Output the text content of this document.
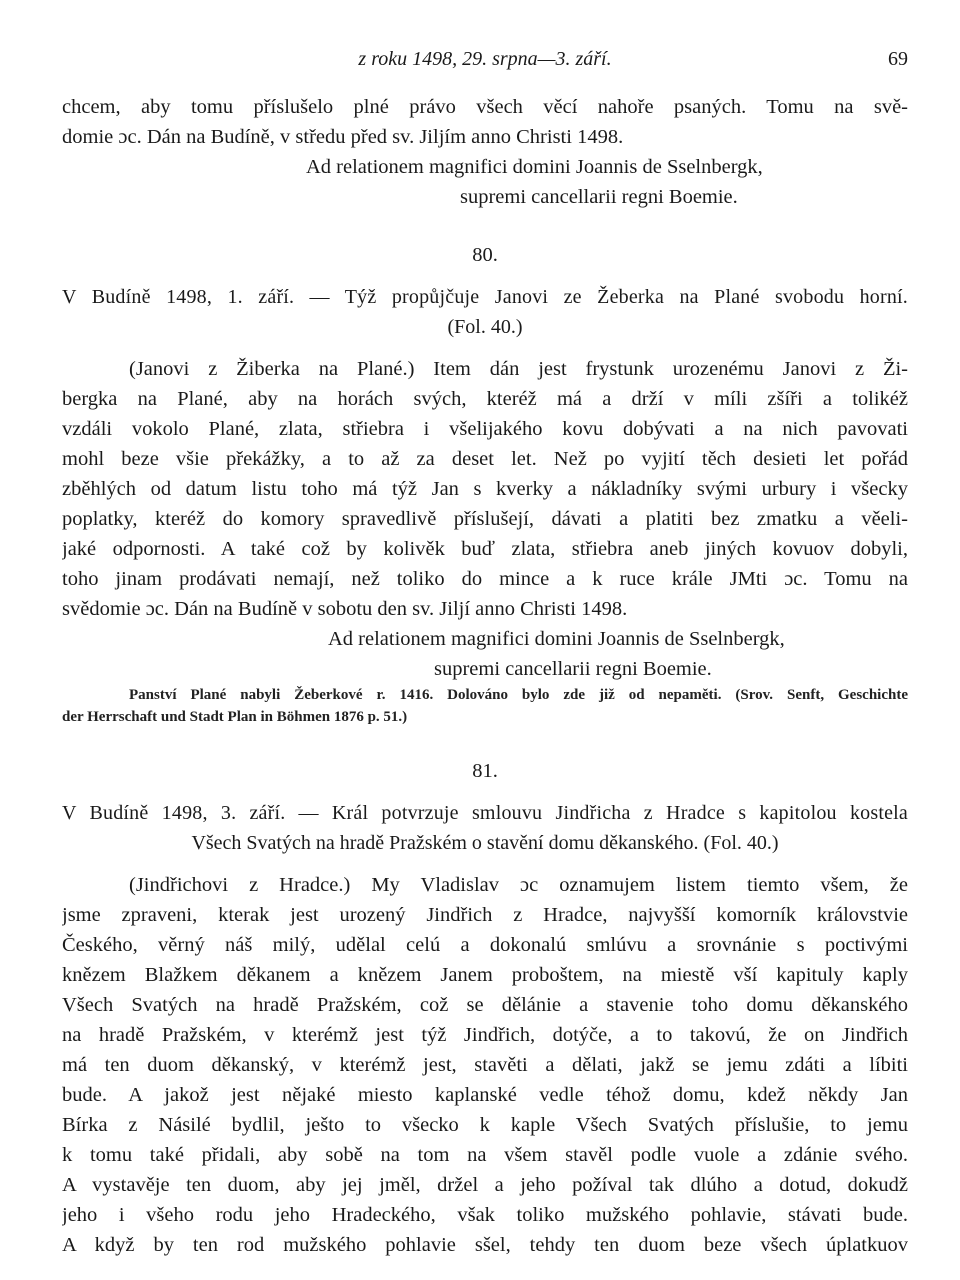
z roku 1498, 29. srpna—3. září.	69
chcem, aby tomu příslušelo plné právo všech věcí nahoře psaných. Tomu na svě-
domie ɔc. Dán na Budíně, v středu před sv. Jiljím anno Christi 1498.
Ad relationem magnifici domini Joannis de Sselnbergk,
supremi cancellarii regni Boemie.
80.
V Budíně 1498, 1. září. — Týž propůjčuje Janovi ze Žeberka na Plané svobodu horní.
(Fol. 40.)
(Janovi z Žiberka na Plané.) Item dán jest frystunk urozenému Janovi z Ži-
bergka na Plané, aby na horách svých, kteréž má a drží v míli zšíři a tolikéž
vzdáli vokolo Plané, zlata, střiebra i všelijakého kovu dobývati a na nich pavovati
mohl beze všie překážky, a to až za deset let. Než po vyjití těch desieti let pořád
zběhlých od datum listu toho má týž Jan s kverky a nákladníky svými urbury i všecky
poplatky, kteréž do komory spravedlivě příslušejí, dávati a platiti bez zmatku a věeli-
jaké odpornosti. A také což by kolivěk buď zlata, střiebra aneb jiných kovuov dobyli,
toho jinam prodávati nemají, než toliko do mince a k ruce krále JMti ɔc. Tomu na
svědomie ɔc. Dán na Budíně v sobotu den sv. Jiljí anno Christi 1498.
Ad relationem magnifici domini Joannis de Sselnbergk,
supremi cancellarii regni Boemie.
Panství Plané nabyli Žeberkové r. 1416. Dolováno bylo zde již od nepaměti. (Srov. Senft, Geschichte
der Herrschaft und Stadt Plan in Böhmen 1876 p. 51.)
81.
V Budíně 1498, 3. září. — Král potvrzuje smlouvu Jindřicha z Hradce s kapitolou kostela
Všech Svatých na hradě Pražském o stavění domu děkanského. (Fol. 40.)
(Jindřichovi z Hradce.) My Vladislav ɔc oznamujem listem tiemto všem, že
jsme zpraveni, kterak jest urozený Jindřich z Hradce, najvyšší komorník královstvie
Českého, věrný náš milý, udělal celú a dokonalú smlúvu a srovnánie s poctivými
knězem Blažkem děkanem a knězem Janem proboštem, na miestě vší kapituly kaply
Všech Svatých na hradě Pražském, což se dělánie a stavenie toho domu děkanského
na hradě Pražském, v kterémž jest týž Jindřich, dotýče, a to takovú, že on Jindřich
má ten duom děkanský, v kterémž jest, stavěti a dělati, jakž se jemu zdáti a líbiti
bude. A jakož jest nějaké miesto kaplanské vedle téhož domu, kdež někdy Jan
Bírka z Násilé bydlil, ješto to všecko k kaple Všech Svatých příslušie, to jemu
k tomu také přidali, aby sobě na tom na všem stavěl podle vuole a zdánie svého.
A vystavěje ten duom, aby jej jměl, držel a jeho požíval tak dlúho a dotud, dokudž
jeho i všeho rodu jeho Hradeckého, však toliko mužského pohlavie, stávati bude.
A když by ten rod mužského pohlavie sšel, tehdy ten duom beze všech úplatkuov
